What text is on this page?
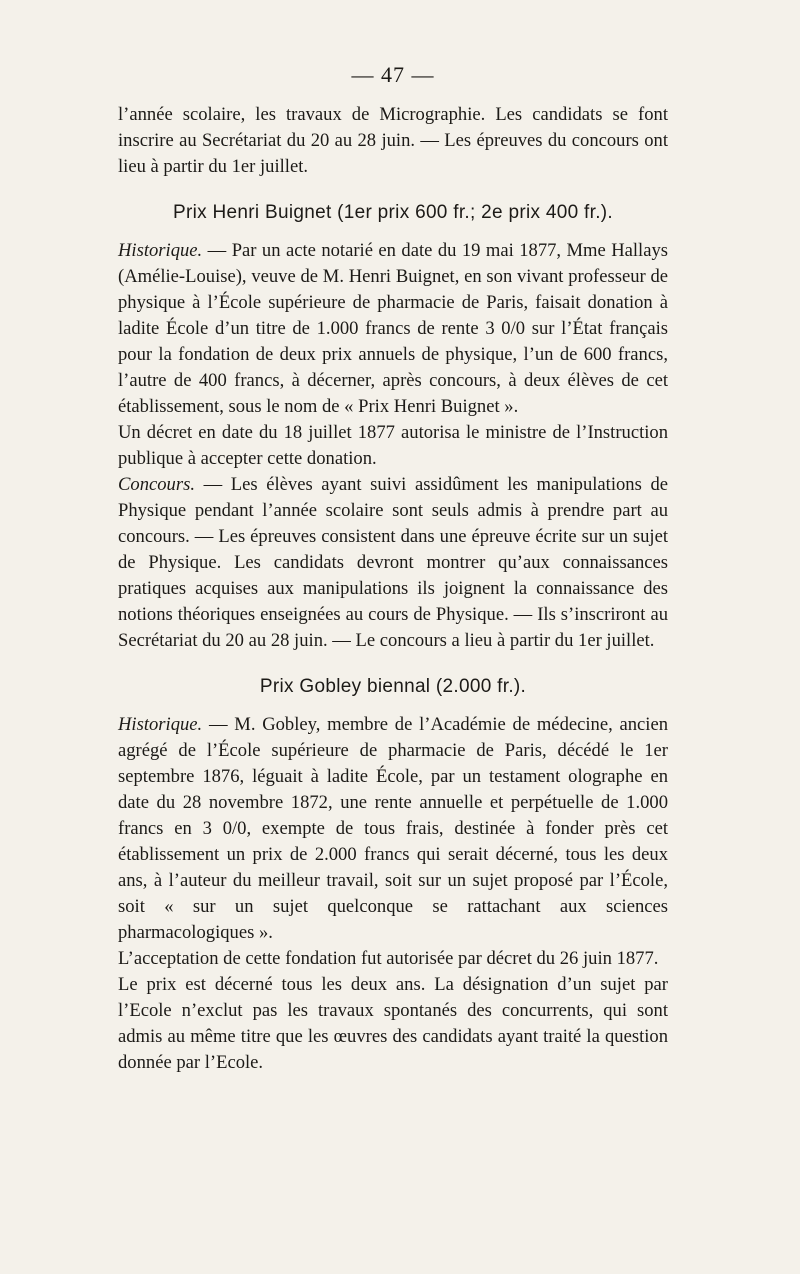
— 47 —

l’année scolaire, les travaux de Micrographie. Les candidats se font inscrire au Secrétariat du 20 au 28 juin. — Les épreuves du concours ont lieu à partir du 1er juillet.

Prix Henri Buignet (1er prix 600 fr.; 2e prix 400 fr.).

Historique. — Par un acte notarié en date du 19 mai 1877, Mme Hallays (Amélie-Louise), veuve de M. Henri Buignet, en son vivant professeur de physique à l’École supérieure de pharmacie de Paris, faisait donation à ladite École d’un titre de 1.000 francs de rente 3 0/0 sur l’État français pour la fondation de deux prix annuels de physique, l’un de 600 francs, l’autre de 400 francs, à décerner, après concours, à deux élèves de cet établissement, sous le nom de « Prix Henri Buignet ».

Un décret en date du 18 juillet 1877 autorisa le ministre de l’Instruction publique à accepter cette donation.

Concours. — Les élèves ayant suivi assidûment les manipulations de Physique pendant l’année scolaire sont seuls admis à prendre part au concours. — Les épreuves consistent dans une épreuve écrite sur un sujet de Physique. Les candidats devront montrer qu’aux connaissances pratiques acquises aux manipulations ils joignent la connaissance des notions théoriques enseignées au cours de Physique. — Ils s’inscriront au Secrétariat du 20 au 28 juin. — Le concours a lieu à partir du 1er juillet.

Prix Gobley biennal (2.000 fr.).

Historique. — M. Gobley, membre de l’Académie de médecine, ancien agrégé de l’École supérieure de pharmacie de Paris, décédé le 1er septembre 1876, léguait à ladite École, par un testament olographe en date du 28 novembre 1872, une rente annuelle et perpétuelle de 1.000 francs en 3 0/0, exempte de tous frais, destinée à fonder près cet établissement un prix de 2.000 francs qui serait décerné, tous les deux ans, à l’auteur du meilleur travail, soit sur un sujet proposé par l’École, soit « sur un sujet quelconque se rattachant aux sciences pharmacologiques ».

L’acceptation de cette fondation fut autorisée par décret du 26 juin 1877.

Le prix est décerné tous les deux ans. La désignation d’un sujet par l’Ecole n’exclut pas les travaux spontanés des concurrents, qui sont admis au même titre que les œuvres des candidats ayant traité la question donnée par l’Ecole.
